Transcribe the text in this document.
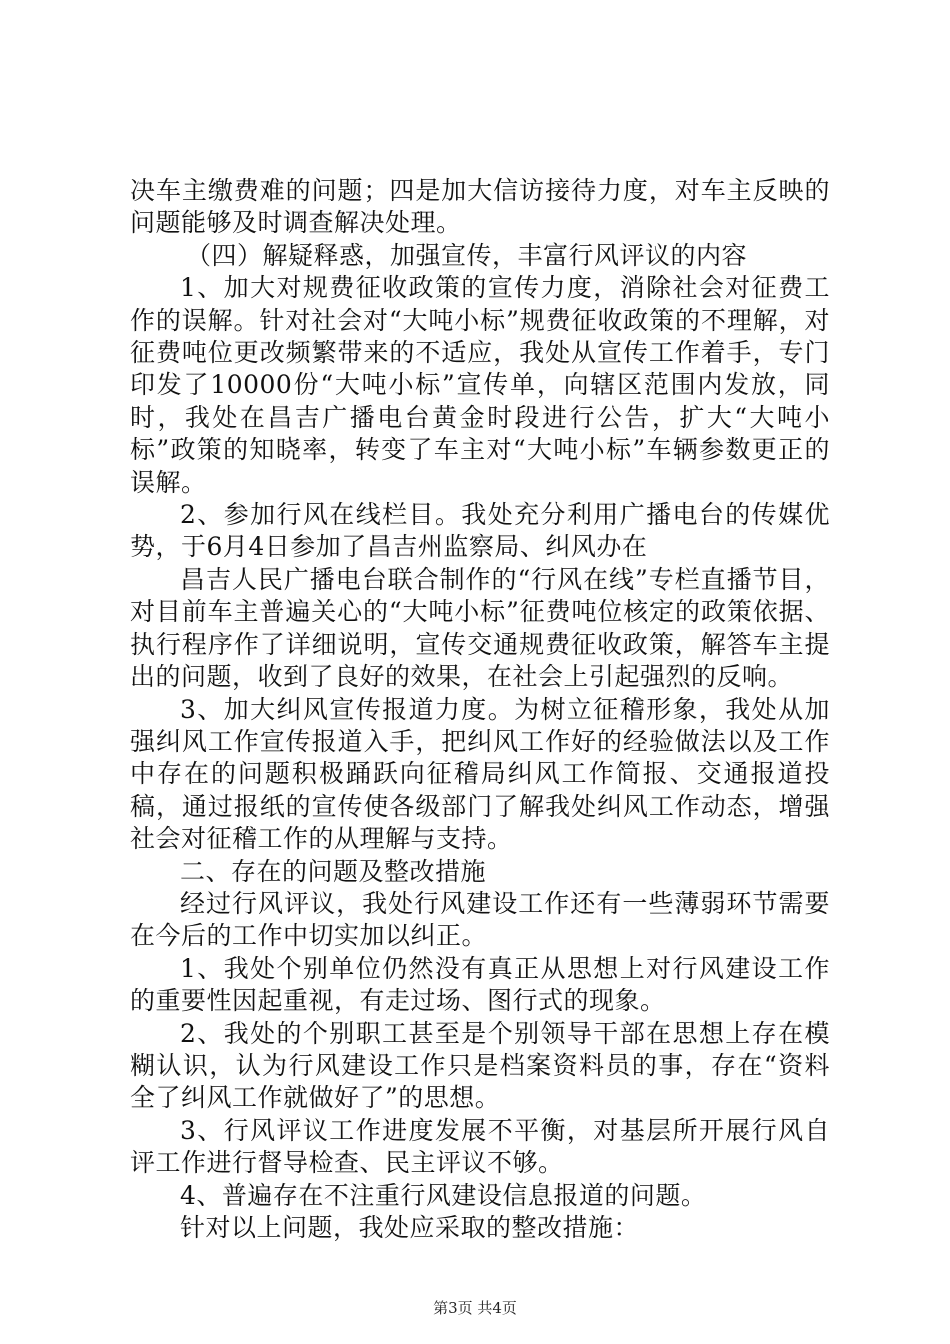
决车主缴费难的问题；四是加大信访接待力度，对车主反映的问题能够及时调查解决处理。

（四）解疑释惑，加强宣传，丰富行风评议的内容

1、加大对规费征收政策的宣传力度，消除社会对征费工作的误解。针对社会对“大吨小标”规费征收政策的不理解，对征费吨位更改频繁带来的不适应，我处从宣传工作着手，专门印发了10000份“大吨小标”宣传单，向辖区范围内发放，同时，我处在昌吉广播电台黄金时段进行公告，扩大“大吨小标”政策的知晓率，转变了车主对“大吨小标”车辆参数更正的误解。

2、参加行风在线栏目。我处充分利用广播电台的传媒优势，于6月4日参加了昌吉州监察局、纠风办在

昌吉人民广播电台联合制作的“行风在线”专栏直播节目，对目前车主普遍关心的“大吨小标”征费吨位核定的政策依据、执行程序作了详细说明，宣传交通规费征收政策，解答车主提出的问题，收到了良好的效果，在社会上引起强烈的反响。

3、加大纠风宣传报道力度。为树立征稽形象，我处从加强纠风工作宣传报道入手，把纠风工作好的经验做法以及工作中存在的问题积极踊跃向征稽局纠风工作简报、交通报道投稿，通过报纸的宣传使各级部门了解我处纠风工作动态，增强社会对征稽工作的从理解与支持。

二、存在的问题及整改措施

经过行风评议，我处行风建设工作还有一些薄弱环节需要在今后的工作中切实加以纠正。

1、我处个别单位仍然没有真正从思想上对行风建设工作的重要性因起重视，有走过场、图行式的现象。

2、我处的个别职工甚至是个别领导干部在思想上存在模糊认识，认为行风建设工作只是档案资料员的事，存在“资料全了纠风工作就做好了”的思想。

3、行风评议工作进度发展不平衡，对基层所开展行风自评工作进行督导检查、民主评议不够。

4、普遍存在不注重行风建设信息报道的问题。

针对以上问题，我处应采取的整改措施：

第3页 共4页
